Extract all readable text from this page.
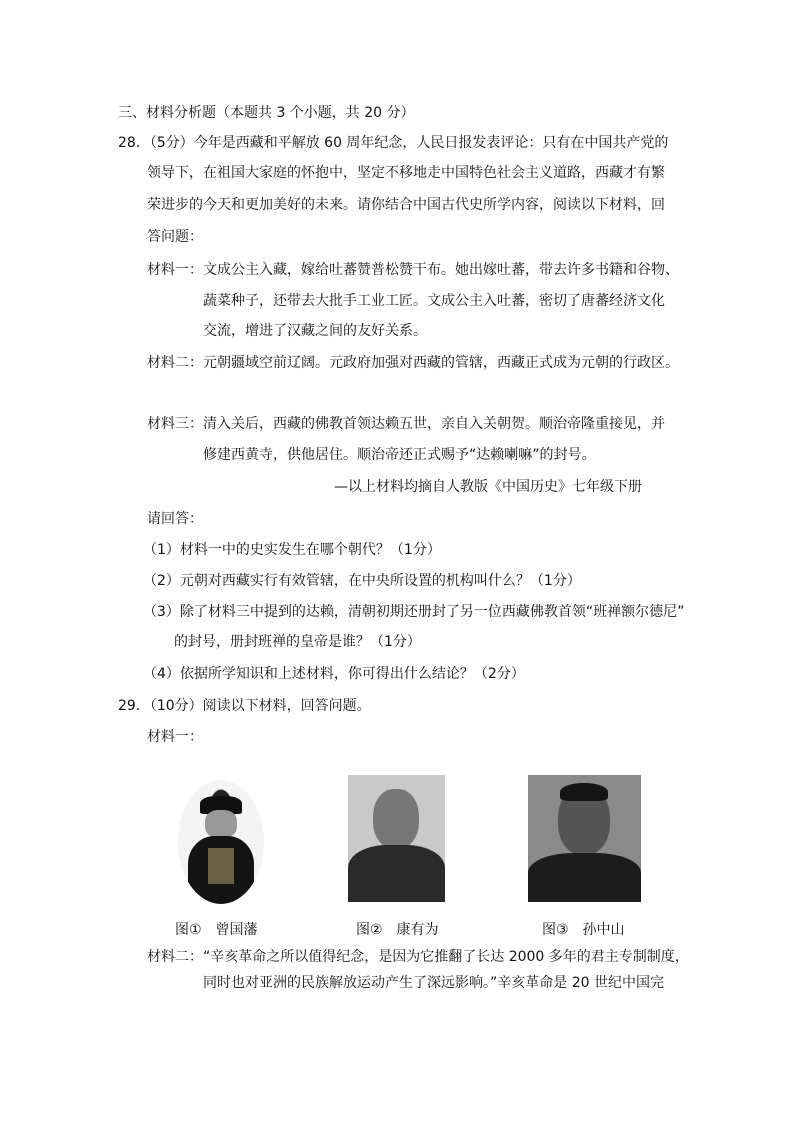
三、材料分析题（本题共 3 个小题，共 20 分）
28．（5分）今年是西藏和平解放 60 周年纪念，人民日报发表评论：只有在中国共产党的
领导下，在祖国大家庭的怀抱中，坚定不移地走中国特色社会主义道路，西藏才有繁
荣进步的今天和更加美好的未来。请你结合中国古代史所学内容，阅读以下材料，回
答问题：
材料一：文成公主入藏，嫁给吐蕃赞普松赞干布。她出嫁吐蕃，带去许多书籍和谷物、
蔬菜种子，还带去大批手工业工匠。文成公主入吐蕃，密切了唐蕃经济文化
交流，增进了汉藏之间的友好关系。
材料二：元朝疆域空前辽阔。元政府加强对西藏的管辖，西藏正式成为元朝的行政区。
材料三：清入关后，西藏的佛教首领达赖五世，亲自入关朝贺。顺治帝隆重接见，并
修建西黄寺，供他居住。顺治帝还正式赐予“达赖喇嘛”的封号。
—以上材料均摘自人教版《中国历史》七年级下册
请回答：
（1）材料一中的史实发生在哪个朝代？（1分）
（2）元朝对西藏实行有效管辖，在中央所设置的机构叫什么？（1分）
（3）除了材料三中提到的达赖，清朝初期还册封了另一位西藏佛教首领“班禅额尔德尼”
的封号，册封班禅的皇帝是谁？（1分）
（4）依据所学知识和上述材料，你可得出什么结论？（2分）
29．（10分）阅读以下材料，回答问题。
材料一：
图①　曾国藩	图②　康有为	图③　孙中山
材料二：“辛亥革命之所以值得纪念，是因为它推翻了长达 2000 多年的君主专制制度，
同时也对亚洲的民族解放运动产生了深远影响。”辛亥革命是 20 世纪中国完
